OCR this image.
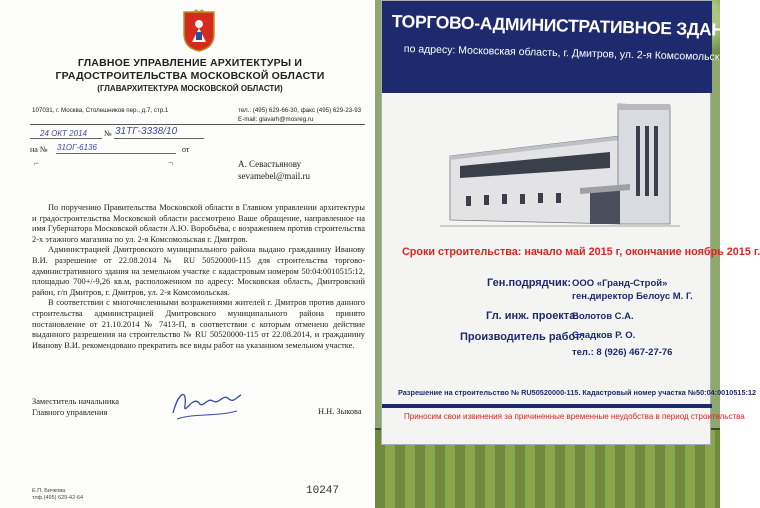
ГЛАВНОЕ УПРАВЛЕНИЕ АРХИТЕКТУРЫ И
ГРАДОСТРОИТЕЛЬСТВА МОСКОВСКОЙ ОБЛАСТИ
(ГЛАВАРХИТЕКТУРА МОСКОВСКОЙ ОБЛАСТИ)
107031, г. Москва, Столешников пер., д.7, стр.1	тел.: (495) 629-66-30, факс (495) 629-23-93
E-mail: glavarh@mosreg.ru
24 ОКТ 2014 № 31ТГ-3338/10
на № 31ОГ-6136	от
⌐	¬	А. Севастьянову
sevamebel@mail.ru

По поручению Правительства Московской области в Главном управлении архитектуры и градостроительства Московской области рассмотрено Ваше обращение, направленное на имя Губернатора Московской области А.Ю. Воробьёва, с возражением против строительства 2-х этажного магазина по ул. 2-я Комсомольская г. Дмитров.

Администрацией Дмитровского муниципального района выдано гражданину Иванову В.И. разрешение от 22.08.2014 № RU 50520000-115 для строительства торгово-административного здания на земельном участке с кадастровым номером 50:04:0010515:12, площадью 700+/-9,26 кв.м, расположенном по адресу: Московская область, Дмитровский район, г/п Дмитров, г. Дмитров, ул. 2-я Комсомольская.

В соответствии с многочисленными возражениями жителей г. Дмитров против данного строительства администрацией Дмитровского муниципального района принято постановление от 21.10.2014 № 7413-П, в соответствии с которым отменено действие выданного разрешения на строительство № RU 50520000-115 от 22.08.2014, и гражданину Иванову В.И. рекомендовано прекратить все виды работ на указанном земельном участке.

Заместитель начальника
Главного управления	Н.Н. Зыкова
Е.П. Бичкова
тлф.(495) 629-42-64
10247
ТОРГОВО-АДМИНИСТРАТИВНОЕ ЗДАНИЕ
по адресу: Московская область, г. Дмитров, ул. 2-я Комсомольская
Сроки строительства: начало май 2015 г, окончание ноябрь 2015 г.
Ген.подрядчик: ООО «Гранд-Строй»
ген.директор Белоус М. Г.
Гл. инж. проекта:
Болотов С.А.
Производитель работ:
Сладков Р. О.
тел.: 8 (926) 467-27-76
Разрешение на строительство № RU50520000-115. Кадастровый номер участка №50:04:0010515:12
Приносим свои извинения за причиненные временные неудобства в период строительства
